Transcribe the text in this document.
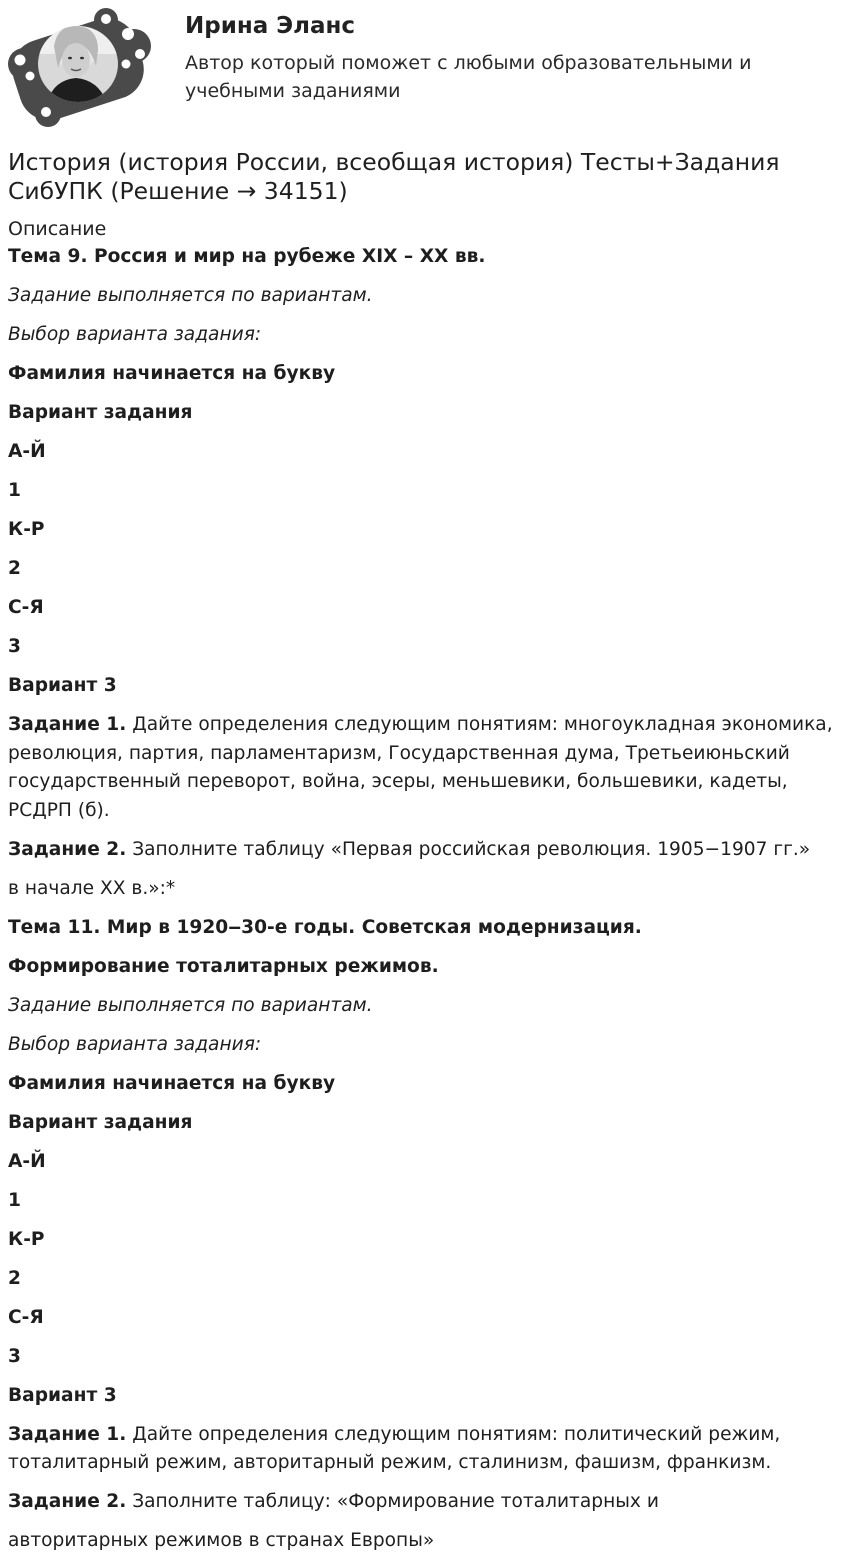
Ирина Эланс
Автор который поможет с любыми образовательными и учебными заданиями
История (история России, всеобщая история) Тесты+Задания СибУПК (Решение → 34151)
Описание

Тема 9. Россия и мир на рубеже XIX – XX вв.

Задание выполняется по вариантам.

Выбор варианта задания:

Фамилия начинается на букву

Вариант задания

А-Й

1

К-Р

2

С-Я

3

Вариант 3

Задание 1. Дайте определения следующим понятиям: многоукладная экономика, революция, партия, парламентаризм, Государственная дума, Третьеиюньский государственный переворот, война, эсеры, меньшевики, большевики, кадеты, РСДРП (б).

Задание 2. Заполните таблицу «Первая российская революция. 1905−1907 гг.»

в начале XX в.»:*

Тема 11. Мир в 1920‒30-е годы. Советская модернизация.

Формирование тоталитарных режимов.

Задание выполняется по вариантам.

Выбор варианта задания:

Фамилия начинается на букву

Вариант задания

А-Й

1

К-Р

2

С-Я

3

Вариант 3

Задание 1. Дайте определения следующим понятиям: политический режим, тоталитарный режим, авторитарный режим, сталинизм, фашизм, франкизм.

Задание 2. Заполните таблицу: «Формирование тоталитарных и

авторитарных режимов в странах Европы»
